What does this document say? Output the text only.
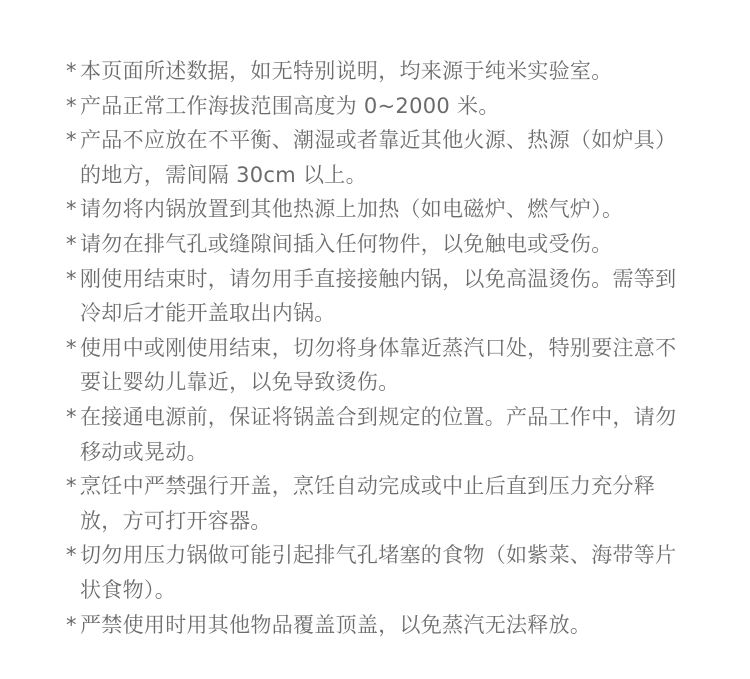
* 本页面所述数据，如无特别说明，均来源于纯米实验室。
* 产品正常工作海拔范围高度为 0~2000 米。
* 产品不应放在不平衡、潮湿或者靠近其他火源、热源（如炉具）的地方，需间隔 30cm 以上。
* 请勿将内锅放置到其他热源上加热（如电磁炉、燃气炉）。
* 请勿在排气孔或缝隙间插入任何物件，以免触电或受伤。
* 刚使用结束时，请勿用手直接接触内锅，以免高温烫伤。需等到冷却后才能开盖取出内锅。
* 使用中或刚使用结束，切勿将身体靠近蒸汽口处，特别要注意不要让婴幼儿靠近，以免导致烫伤。
* 在接通电源前，保证将锅盖合到规定的位置。产品工作中，请勿移动或晃动。
* 烹饪中严禁强行开盖，烹饪自动完成或中止后直到压力充分释放，方可打开容器。
* 切勿用压力锅做可能引起排气孔堵塞的食物（如紫菜、海带等片状食物）。
* 严禁使用时用其他物品覆盖顶盖，以免蒸汽无法释放。
